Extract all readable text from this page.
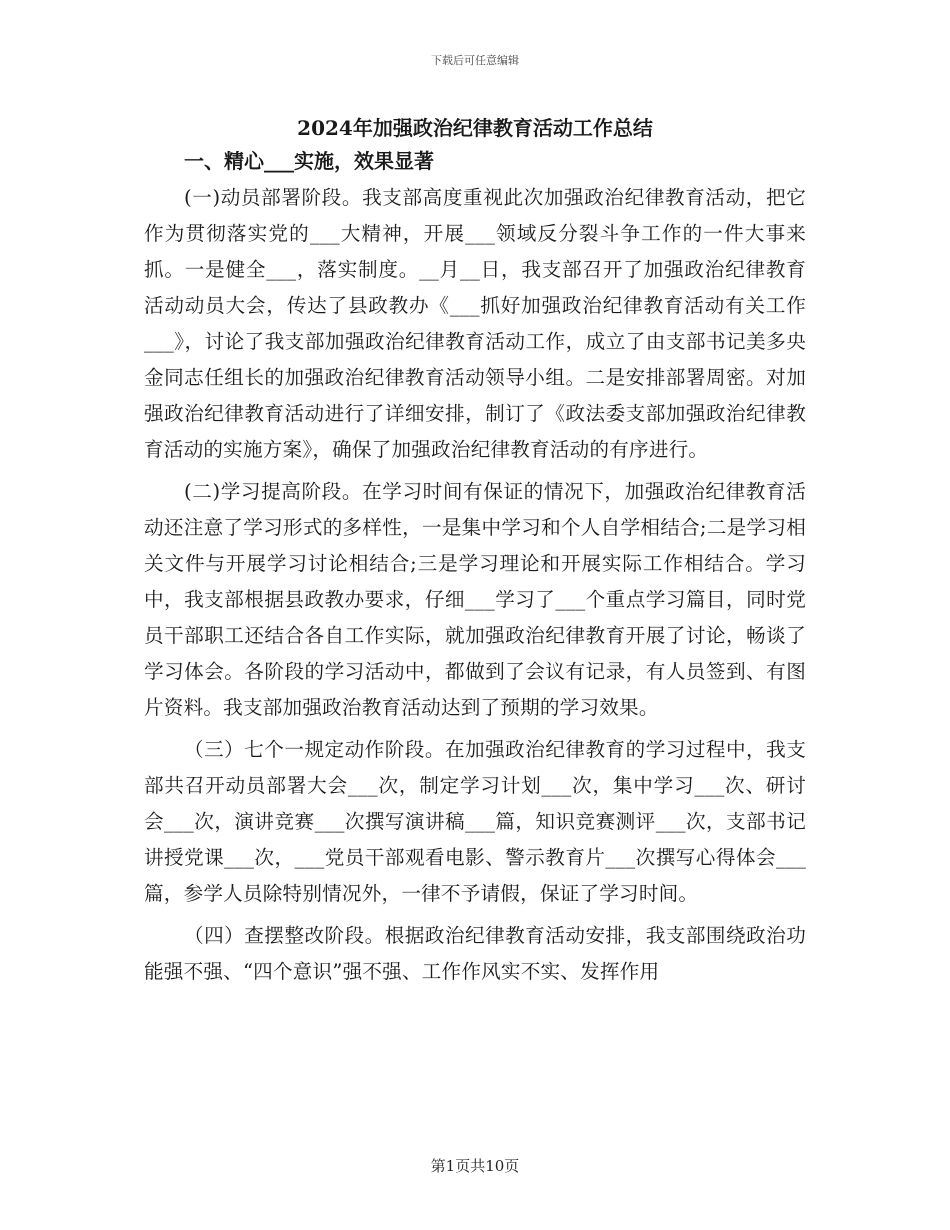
下载后可任意编辑
2024年加强政治纪律教育活动工作总结
一、精心___实施，效果显著

(一)动员部署阶段。我支部高度重视此次加强政治纪律教育活动，把它作为贯彻落实党的___大精神，开展___领域反分裂斗争工作的一件大事来抓。一是健全___，落实制度。__月__日，我支部召开了加强政治纪律教育活动动员大会，传达了县政教办《___抓好加强政治纪律教育活动有关工作___》，讨论了我支部加强政治纪律教育活动工作，成立了由支部书记美多央金同志任组长的加强政治纪律教育活动领导小组。二是安排部署周密。对加强政治纪律教育活动进行了详细安排，制订了《政法委支部加强政治纪律教育活动的实施方案》，确保了加强政治纪律教育活动的有序进行。

(二)学习提高阶段。在学习时间有保证的情况下，加强政治纪律教育活动还注意了学习形式的多样性，一是集中学习和个人自学相结合;二是学习相关文件与开展学习讨论相结合;三是学习理论和开展实际工作相结合。学习中，我支部根据县政教办要求，仔细___学习了___个重点学习篇目，同时党员干部职工还结合各自工作实际，就加强政治纪律教育开展了讨论，畅谈了学习体会。各阶段的学习活动中，都做到了会议有记录，有人员签到、有图片资料。我支部加强政治教育活动达到了预期的学习效果。

（三）七个一规定动作阶段。在加强政治纪律教育的学习过程中，我支部共召开动员部署大会___次，制定学习计划___次，集中学习___次、研讨会___次，演讲竞赛___次撰写演讲稿___篇，知识竞赛测评___次，支部书记讲授党课___次，___党员干部观看电影、警示教育片___次撰写心得体会___篇，参学人员除特别情况外，一律不予请假，保证了学习时间。

（四）查摆整改阶段。根据政治纪律教育活动安排，我支部围绕政治功能强不强、“四个意识”强不强、工作作风实不实、发挥作用

第1页共10页
